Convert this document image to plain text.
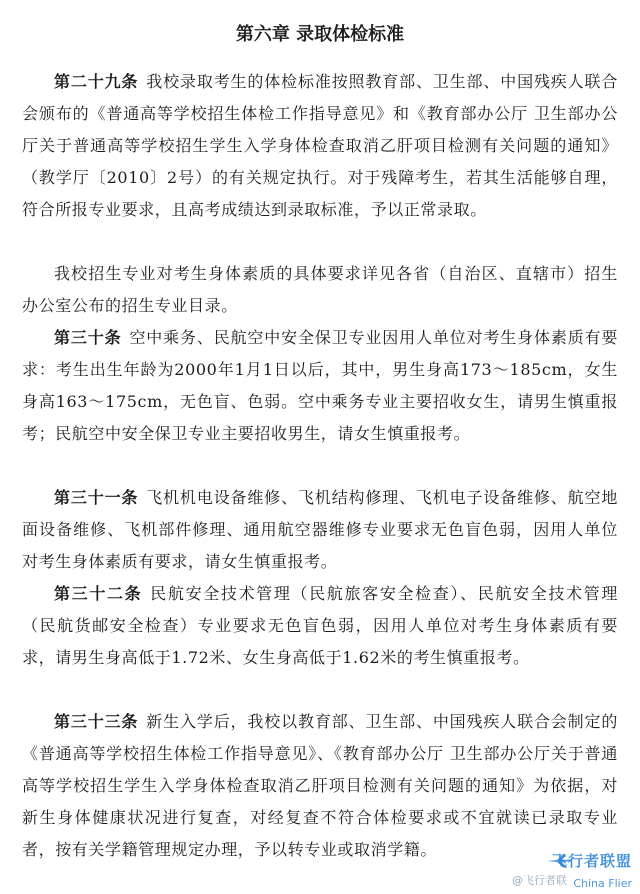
第六章 录取体检标准

第二十九条 我校录取考生的体检标准按照教育部、卫生部、中国残疾人联合会颁布的《普通高等学校招生体检工作指导意见》和《教育部办公厅 卫生部办公厅关于普通高等学校招生学生入学身体检查取消乙肝项目检测有关问题的通知》（教学厅〔2010〕2号）的有关规定执行。对于残障考生，若其生活能够自理，符合所报专业要求，且高考成绩达到录取标准，予以正常录取。

我校招生专业对考生身体素质的具体要求详见各省（自治区、直辖市）招生办公室公布的招生专业目录。

第三十条 空中乘务、民航空中安全保卫专业因用人单位对考生身体素质有要求：考生出生年龄为2000年1月1日以后，其中，男生身高173～185cm，女生身高163～175cm，无色盲、色弱。空中乘务专业主要招收女生，请男生慎重报考；民航空中安全保卫专业主要招收男生，请女生慎重报考。

第三十一条 飞机机电设备维修、飞机结构修理、飞机电子设备维修、航空地面设备维修、飞机部件修理、通用航空器维修专业要求无色盲色弱，因用人单位对考生身体素质有要求，请女生慎重报考。

第三十二条 民航安全技术管理（民航旅客安全检查）、民航安全技术管理（民航货邮安全检查）专业要求无色盲色弱，因用人单位对考生身体素质有要求，请男生身高低于1.72米、女生身高低于1.62米的考生慎重报考。

第三十三条 新生入学后，我校以教育部、卫生部、中国残疾人联合会制定的《普通高等学校招生体检工作指导意见》、《教育部办公厅 卫生部办公厅关于普通高等学校招生学生入学身体检查取消乙肝项目检测有关问题的通知》为依据，对新生身体健康状况进行复查，对经复查不符合体检要求或不宜就读已录取专业者，按有关学籍管理规定办理，予以转专业或取消学籍。

@飞行者联
飞行者联盟
China Flier
